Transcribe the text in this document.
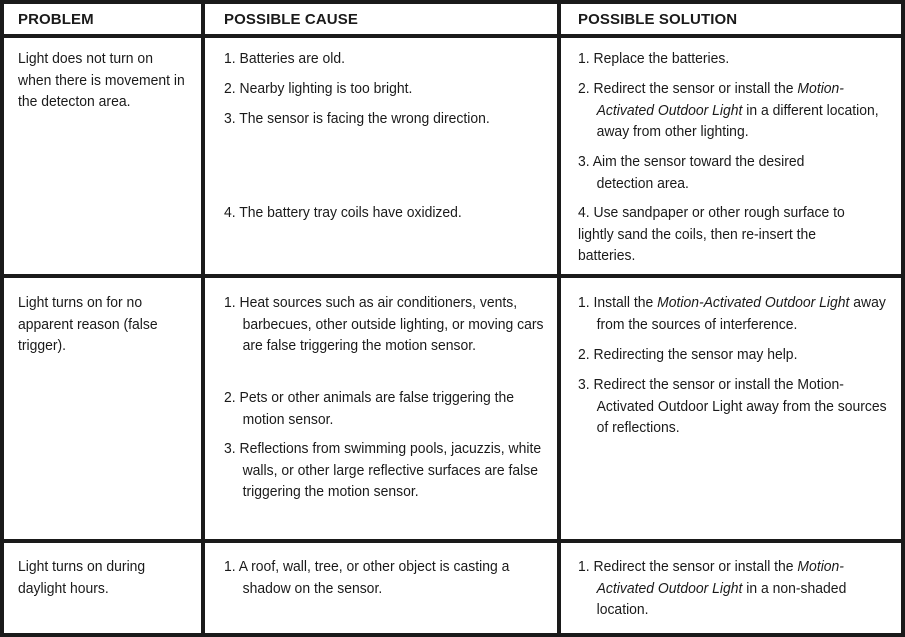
PROBLEM	POSSIBLE CAUSE	POSSIBLE SOLUTION
Light does not turn on when there is movement in the detecton area.
1. Batteries are old.
2. Nearby lighting is too bright.
3. The sensor is facing the wrong direction.
4. The battery tray coils have oxidized.
1. Replace the batteries.
2. Redirect the sensor or install the Motion-Activated Outdoor Light in a different location, away from other lighting.
3. Aim the sensor toward the desired detection area.
4. Use sandpaper or other rough surface to lightly sand the coils, then re-insert the batteries.
Light turns on for no apparent reason (false trigger).
1. Heat sources such as air conditioners, vents, barbecues, other outside lighting, or moving cars are false triggering the motion sensor.
2. Pets or other animals are false triggering the motion sensor.
3. Reflections from swimming pools, jacuzzis, white walls, or other large reflective surfaces are false triggering the motion sensor.
1. Install the Motion-Activated Outdoor Light away from the sources of interference.
2. Redirecting the sensor may help.
3. Redirect the sensor or install the Motion-Activated Outdoor Light away from the sources of reflections.
Light turns on during daylight hours.
1. A roof, wall, tree, or other object is casting a shadow on the sensor.
1. Redirect the sensor or install the Motion-Activated Outdoor Light in a non-shaded location.
